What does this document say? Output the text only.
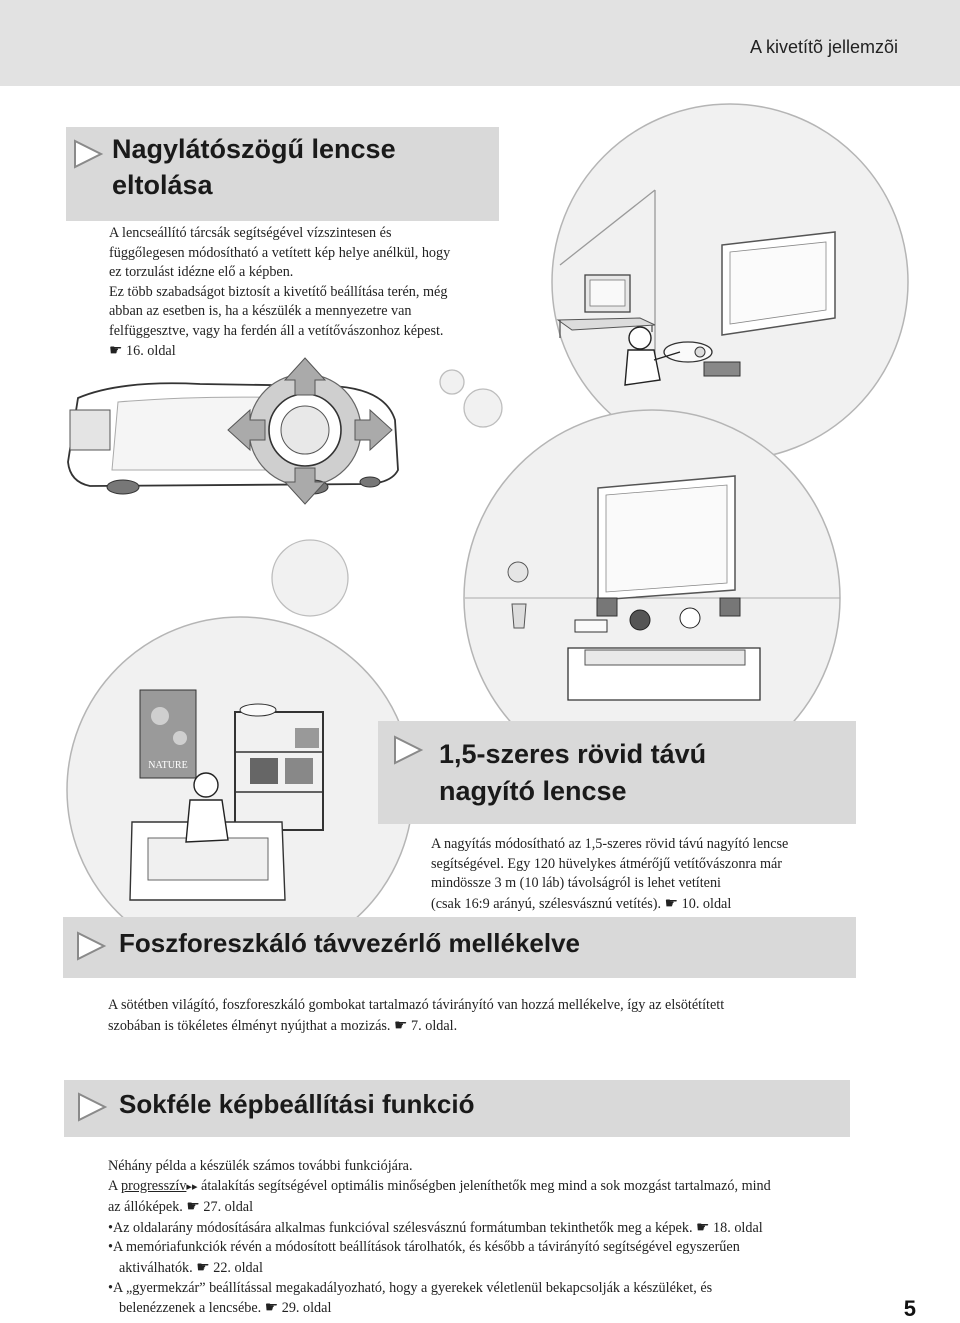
A kivetítõ jellemzõi
Nagylátószögű lencse
eltolása
A lencseállító tárcsák segítségével vízszintesen és
függőlegesen módosítható a vetített kép helye anélkül, hogy
ez torzulást idézne elő a képben.
Ez több szabadságot biztosít a kivetítő beállítása terén, még
abban az esetben is, ha a készülék a mennyezetre van
felfüggesztve, vagy ha ferdén áll a vetítővászonhoz képest.
☛ 16. oldal
NATURE	1,5-szeres rövid távú
nagyító lencse
A nagyítás módosítható az 1,5-szeres rövid távú nagyító lencse
segítségével. Egy 120 hüvelykes átmérőjű vetítővászonra már
mindössze 3 m (10 láb) távolságról is lehet vetíteni
(csak 16:9 arányú, szélesvásznú vetítés). ☛ 10. oldal
Foszforeszkáló távvezérlő mellékelve
A sötétben világító, foszforeszkáló gombokat tartalmazó távirányító van hozzá mellékelve, így az elsötétített
szobában is tökéletes élményt nyújthat a mozizás. ☛ 7. oldal.
Sokféle képbeállítási funkció
Néhány példa a készülék számos további funkciójára.
A progresszív▸▸ átalakítás segítségével optimális minőségben jeleníthetők meg mind a sok mozgást tartalmazó, mind
az állóképek. ☛ 27. oldal
•Az oldalarány módosítására alkalmas funkcióval szélesvásznú formátumban tekinthetők meg a képek. ☛ 18. oldal
•A memóriafunkciók révén a módosított beállítások tárolhatók, és később a távirányító segítségével egyszerűen
aktiválhatók. ☛ 22. oldal
•A „gyermekzár” beállítással megakadályozható, hogy a gyerekek véletlenül bekapcsolják a készüléket, és
belenézzenek a lencsébe. ☛ 29. oldal	5
